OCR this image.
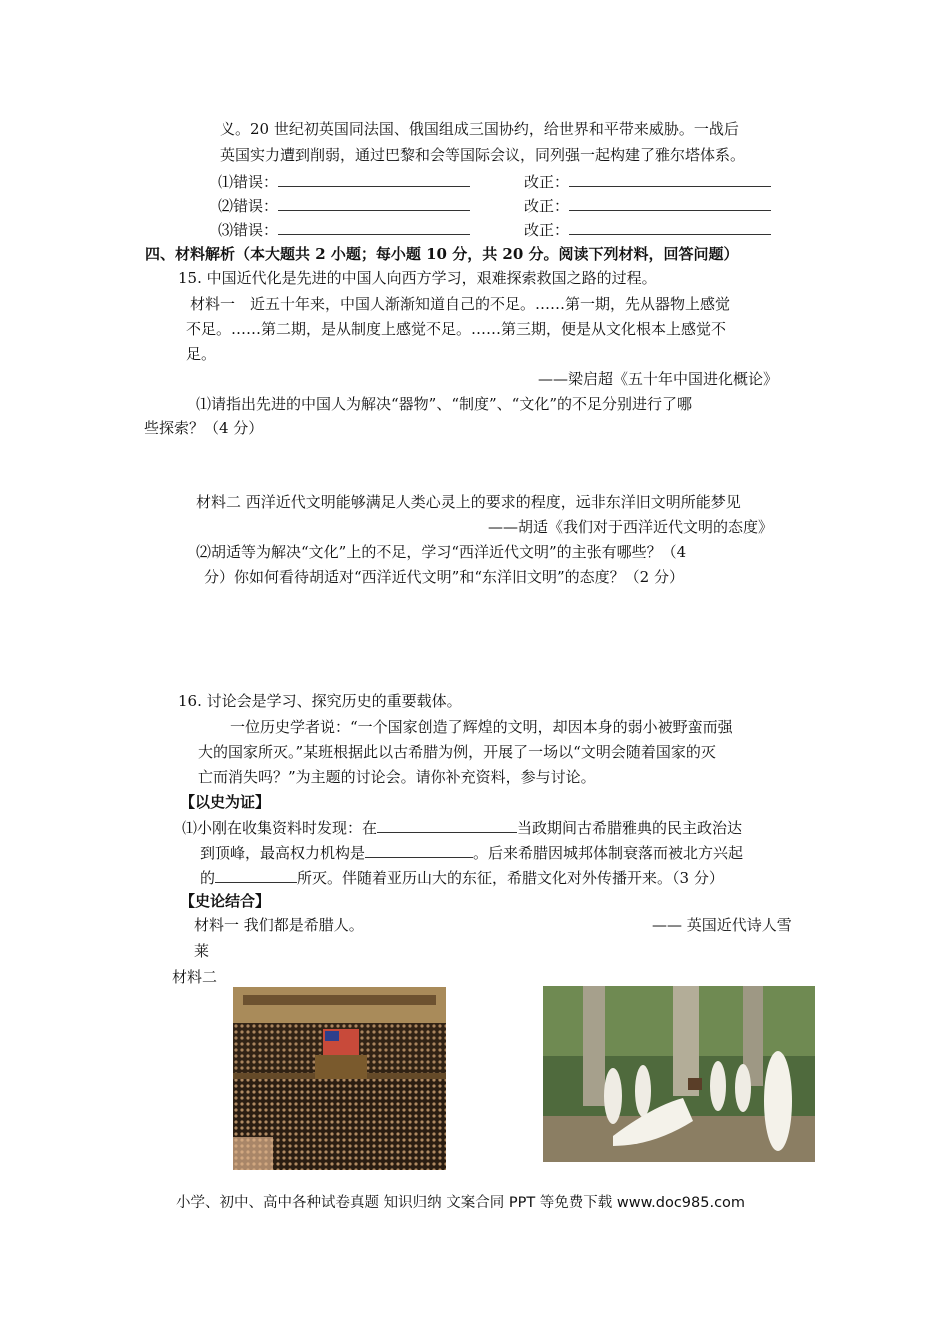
义。20 世纪初英国同法国、俄国组成三国协约，给世界和平带来威胁。一战后
英国实力遭到削弱，通过巴黎和会等国际会议，同列强一起构建了雅尔塔体系。
⑴错误：	改正：
⑵错误：	改正：
⑶错误：	改正：
四、材料解析（本大题共 2 小题；每小题 10 分，共 20 分。阅读下列材料，回答问题）
15. 中国近代化是先进的中国人向西方学习，艰难探索救国之路的过程。
材料一　近五十年来，中国人渐渐知道自己的不足。……第一期，先从器物上感觉
不足。……第二期，是从制度上感觉不足。……第三期，便是从文化根本上感觉不
足。
——梁启超《五十年中国进化概论》
⑴请指出先进的中国人为解决“器物”、“制度”、“文化”的不足分别进行了哪
些探索？（4 分）
材料二 西洋近代文明能够满足人类心灵上的要求的程度，远非东洋旧文明所能梦见
——胡适《我们对于西洋近代文明的态度》
⑵胡适等为解决“文化”上的不足，学习“西洋近代文明”的主张有哪些？（4
分）你如何看待胡适对“西洋近代文明”和“东洋旧文明”的态度？（2 分）
16. 讨论会是学习、探究历史的重要载体。
一位历史学者说：“一个国家创造了辉煌的文明，却因本身的弱小被野蛮而强
大的国家所灭。”某班根据此以古希腊为例，开展了一场以“文明会随着国家的灭
亡而消失吗？”为主题的讨论会。请你补充资料，参与讨论。
【以史为证】
⑴小刚在收集资料时发现：在	当政期间古希腊雅典的民主政治达
到顶峰，最高权力机构是	。后来希腊因城邦体制衰落而被北方兴起
的	所灭。伴随着亚历山大的东征，希腊文化对外传播开来。（3 分）
【史论结合】
材料一 我们都是希腊人。	—— 英国近代诗人雪
莱
材料二
小学、初中、高中各种试卷真题 知识归纳 文案合同 PPT 等免费下载 www.doc985.com
